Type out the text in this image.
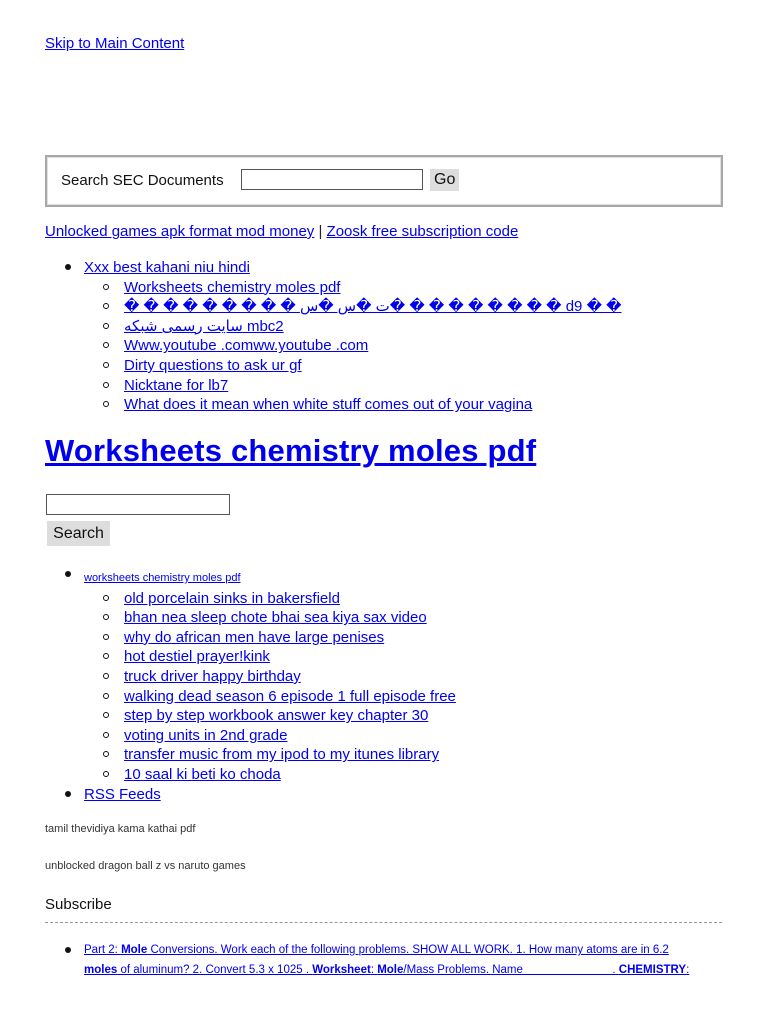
Skip to Main Content
Search SEC Documents	Go
Unlocked games apk format mod money | Zoosk free subscription code
Xxx best kahani niu hindi
Worksheets chemistry moles pdf
� � � � � � � � � ت �س �س� � � � � � � � � d9 � �
سایت رسمی شبکه mbc2
Www.youtube .comww.youtube .com
Dirty questions to ask ur gf
Nicktane for lb7
What does it mean when white stuff comes out of your vagina
Worksheets chemistry moles pdf
Search
worksheets chemistry moles pdf
old porcelain sinks in bakersfield
bhan nea sleep chote bhai sea kiya sax video
why do african men have large penises
hot destiel prayer!kink
truck driver happy birthday
walking dead season 6 episode 1 full episode free
step by step workbook answer key chapter 30
voting units in 2nd grade
transfer music from my ipod to my itunes library
10 saal ki beti ko choda
RSS Feeds

tamil thevidiya kama kathai pdf

unblocked dragon ball z vs naruto games

Subscribe
Part 2: Mole Conversions. Work each of the following problems. SHOW ALL WORK. 1. How many atoms are in 6.2
moles of aluminum? 2. Convert 5.3 x 1025 . Worksheet: Mole/Mass Problems. Name                            . CHEMISTRY:
